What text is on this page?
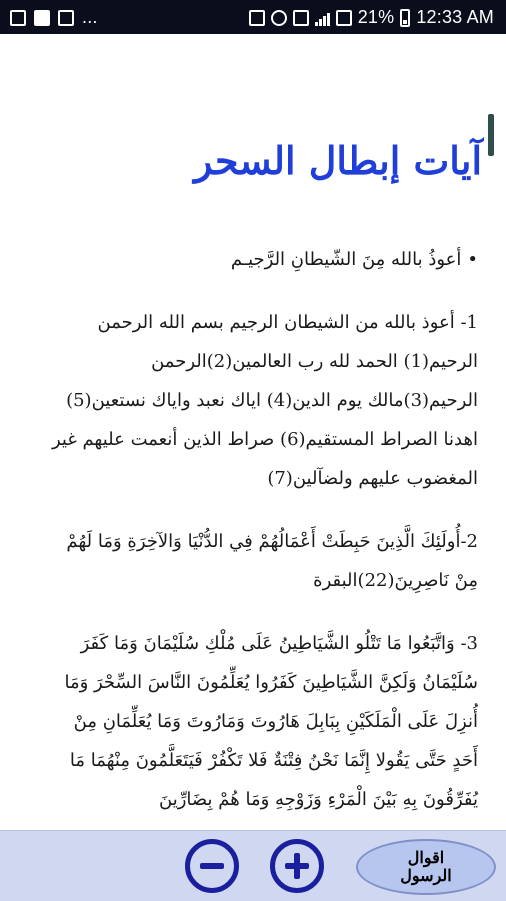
...	21% 12:33 AM
آيات إبطال السحر

• أعوذُ بالله مِنَ الشّيطانِ الرَّجيـم

1- أعوذ بالله من الشيطان الرجيم بسم الله الرحمن الرحيم(1) الحمد لله رب العالمين(2)الرحمن الرحيم(3)مالك يوم الدين(4) اياك نعبد واياك نستعين(5) اهدنا الصراط المستقيم(6) صراط الذين أنعمت عليهم غير المغضوب عليهم ولضآلين(7)

2-أُولَئِكَ الَّذِينَ حَبِطَتْ أَعْمَالُهُمْ فِي الدُّنْيَا وَالآخِرَةِ وَمَا لَهُمْ مِنْ نَاصِرِينَ(22)البقرة

3- وَاتَّبَعُوا مَا تَتْلُو الشَّيَاطِينُ عَلَى مُلْكِ سُلَيْمَانَ وَمَا كَفَرَ سُلَيْمَانُ وَلَكِنَّ الشَّيَاطِينَ كَفَرُوا يُعَلِّمُونَ النَّاسَ السِّحْرَ وَمَا أُنزِلَ عَلَى الْمَلَكَيْنِ بِبَابِلَ هَارُوتَ وَمَارُوتَ وَمَا يُعَلِّمَانِ مِنْ أَحَدٍ حَتَّى يَقُولا إِنَّمَا نَحْنُ فِتْنَةٌ فَلا تَكْفُرْ فَيَتَعَلَّمُونَ مِنْهُمَا مَا يُفَرِّقُونَ بِهِ بَيْنَ الْمَرْءِ وَزَوْجِهِ وَمَا هُمْ بِضَارِّينَ

اقوال
الرسول
